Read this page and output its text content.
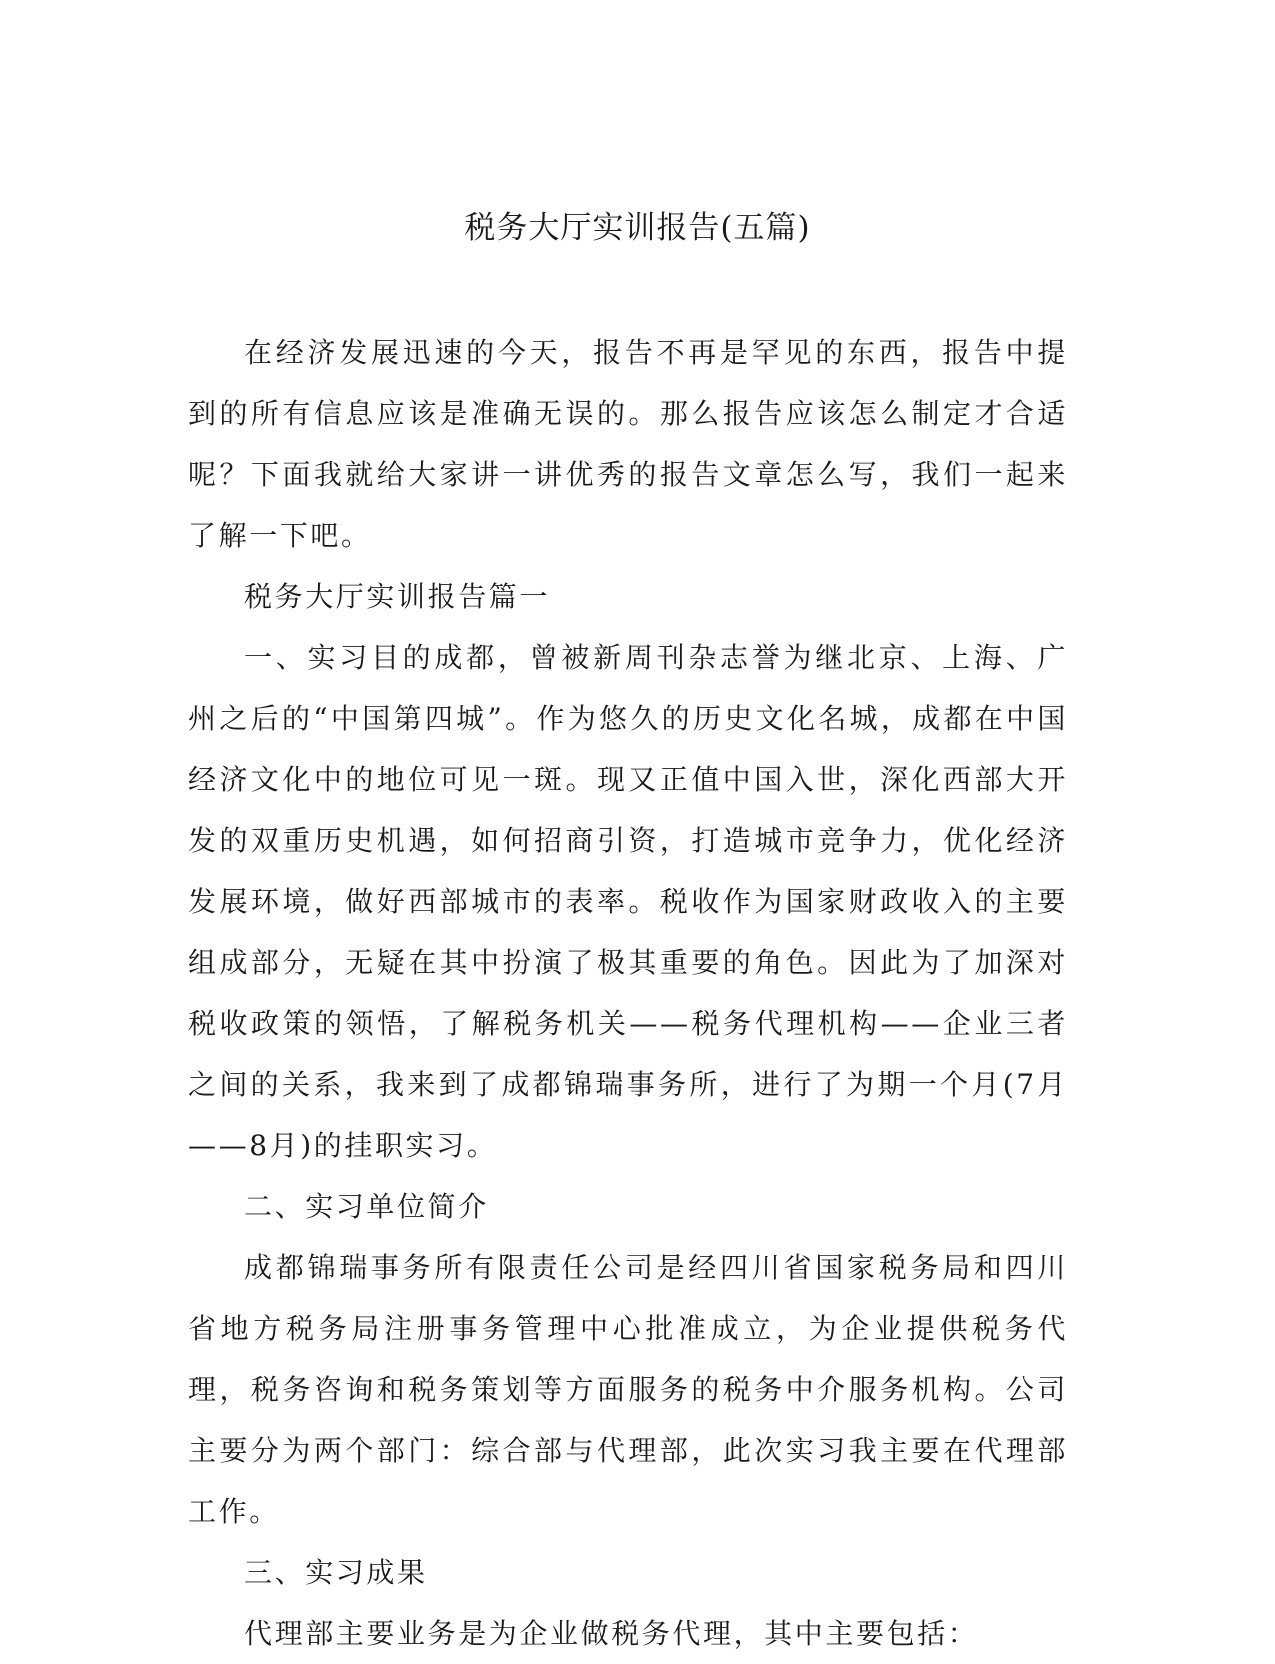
税务大厅实训报告(五篇)

在经济发展迅速的今天，报告不再是罕见的东西，报告中提到的所有信息应该是准确无误的。那么报告应该怎么制定才合适呢？下面我就给大家讲一讲优秀的报告文章怎么写，我们一起来了解一下吧。

税务大厅实训报告篇一

一、实习目的成都，曾被新周刊杂志誉为继北京、上海、广州之后的“中国第四城”。作为悠久的历史文化名城，成都在中国经济文化中的地位可见一斑。现又正值中国入世，深化西部大开发的双重历史机遇，如何招商引资，打造城市竞争力，优化经济发展环境，做好西部城市的表率。税收作为国家财政收入的主要组成部分，无疑在其中扮演了极其重要的角色。因此为了加深对税收政策的领悟，了解税务机关——税务代理机构——企业三者之间的关系，我来到了成都锦瑞事务所，进行了为期一个月(7月——8月)的挂职实习。

二、实习单位简介

成都锦瑞事务所有限责任公司是经四川省国家税务局和四川省地方税务局注册事务管理中心批准成立，为企业提供税务代理，税务咨询和税务策划等方面服务的税务中介服务机构。公司主要分为两个部门：综合部与代理部，此次实习我主要在代理部工作。

三、实习成果

代理部主要业务是为企业做税务代理，其中主要包括：
